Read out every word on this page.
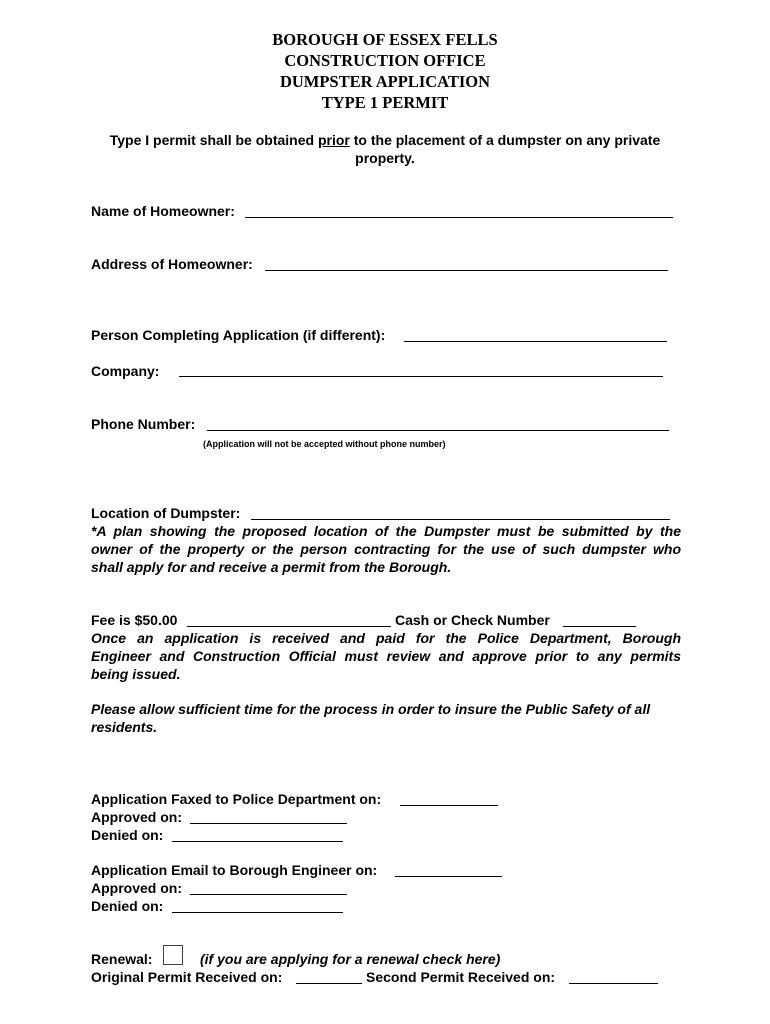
BOROUGH OF ESSEX FELLS
CONSTRUCTION OFFICE
DUMPSTER APPLICATION
TYPE 1 PERMIT
Type I permit shall be obtained prior to the placement of a dumpster on any private
property.
Name of Homeowner:
Address of Homeowner:
Person Completing Application (if different):
Company:
Phone Number:
(Application will not be accepted without phone number)
Location of Dumpster:
*A plan showing the proposed location of the Dumpster must be submitted by the
owner of the property or the person contracting for the use of such dumpster who
shall apply for and receive a permit from the Borough.
Fee is $50.00	Cash or Check Number
Once an application is received and paid for the Police Department, Borough
Engineer and Construction Official must review and approve prior to any permits
being issued.
Please allow sufficient time for the process in order to insure the Public Safety of all
residents.
Application Faxed to Police Department on:
Approved on:
Denied on:
Application Email to Borough Engineer on:
Approved on:
Denied on:
Renewal:	(if you are applying for a renewal check here)
Original Permit Received on:	Second Permit Received on:
